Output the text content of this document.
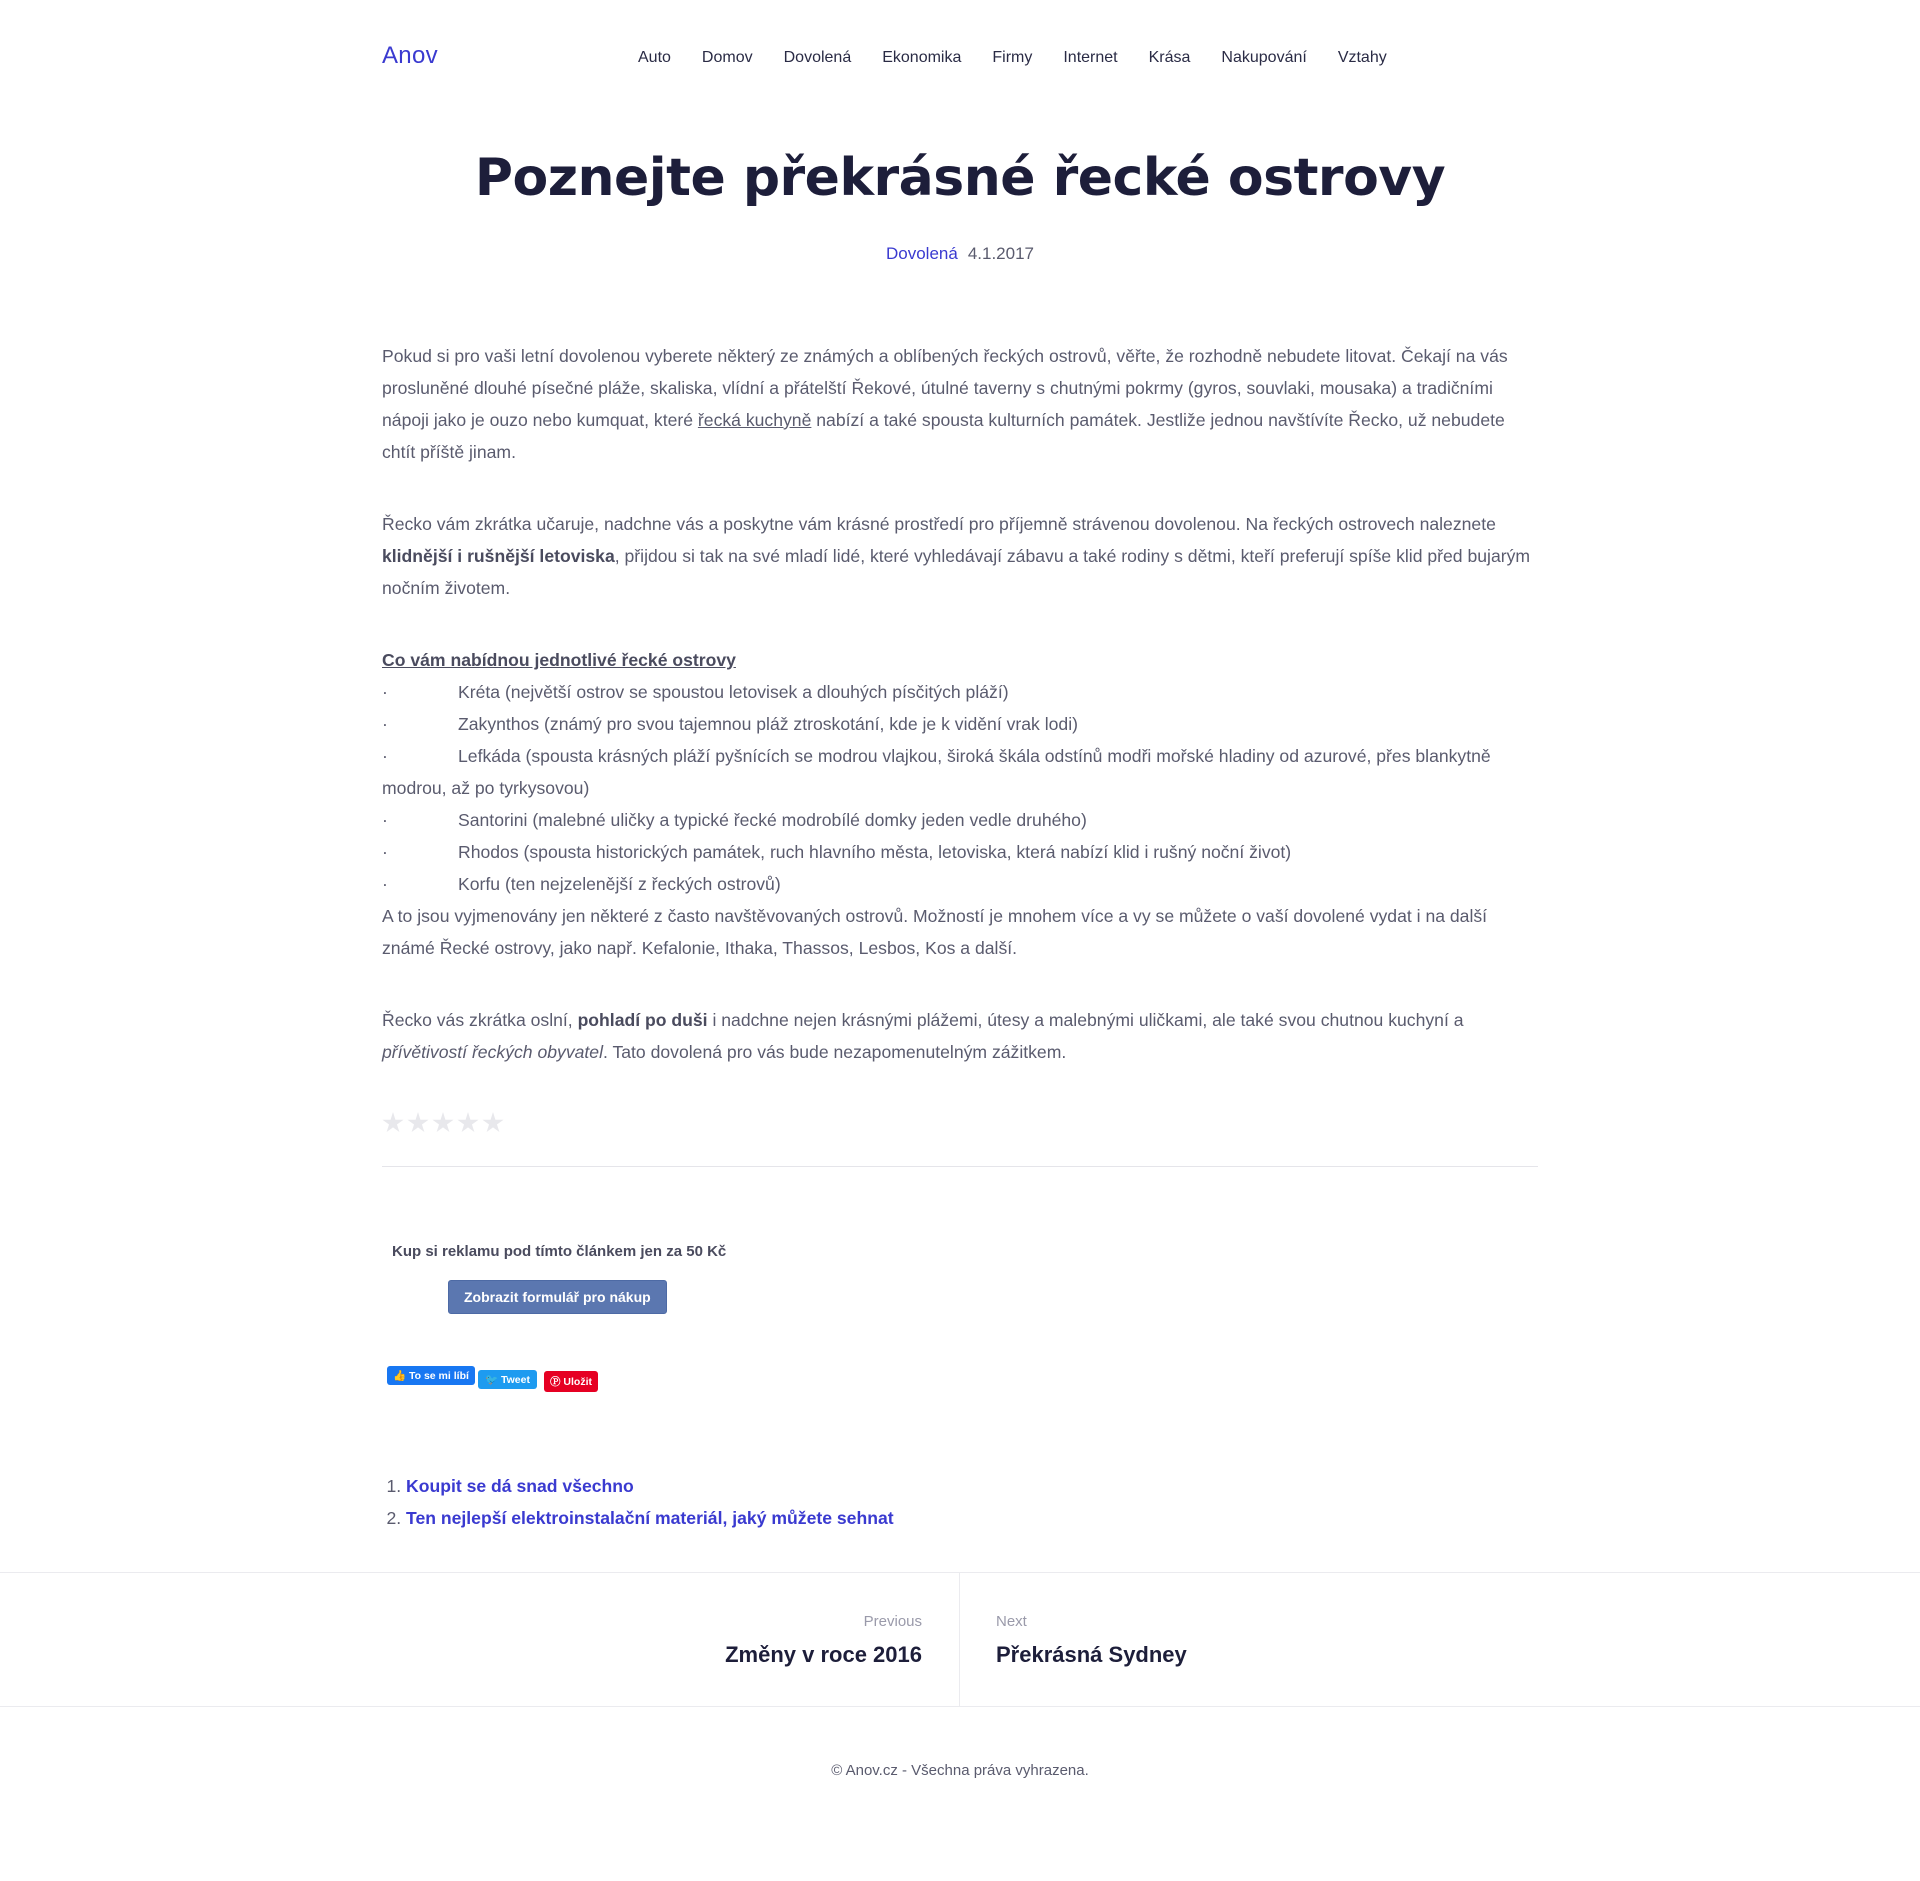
Anov	Auto Domov Dovolená Ekonomika Firmy Internet Krása Nakupování Vztahy
Poznejte překrásné řecké ostrovy
Dovolená 4.1.2017

Pokud si pro vaši letní dovolenou vyberete některý ze známých a oblíbených řeckých ostrovů, věřte, že rozhodně nebudete litovat. Čekají na vás prosluněné dlouhé písečné pláže, skaliska, vlídní a přátelští Řekové, útulné taverny s chutnými pokrmy (gyros, souvlaki, mousaka) a tradičními nápoji jako je ouzo nebo kumquat, které řecká kuchyně nabízí a také spousta kulturních památek. Jestliže jednou navštívíte Řecko, už nebudete chtít příště jinam.

Řecko vám zkrátka učaruje, nadchne vás a poskytne vám krásné prostředí pro příjemně strávenou dovolenou. Na řeckých ostrovech naleznete klidnější i rušnější letoviska, přijdou si tak na své mladí lidé, které vyhledávají zábavu a také rodiny s dětmi, kteří preferují spíše klid před bujarým nočním životem.

Co vám nabídnou jednotlivé řecké ostrovy

·	Kréta (největší ostrov se spoustou letovisek a dlouhých písčitých pláží)
·	Zakynthos (známý pro svou tajemnou pláž ztroskotání, kde je k vidění vrak lodi)
·	Lefkáda (spousta krásných pláží pyšnících se modrou vlajkou, široká škála odstínů modři mořské hladiny od azurové, přes blankytně modrou, až po tyrkysovou)
·	Santorini (malebné uličky a typické řecké modrobílé domky jeden vedle druhého)
·	Rhodos (spousta historických památek, ruch hlavního města, letoviska, která nabízí klid i rušný noční život)
·	Korfu (ten nejzelenější z řeckých ostrovů)
A to jsou vyjmenovány jen některé z často navštěvovaných ostrovů. Možností je mnohem více a vy se můžete o vaší dovolené vydat i na další známé Řecké ostrovy, jako např. Kefalonie, Ithaka, Thassos, Lesbos, Kos a další.

Řecko vás zkrátka oslní, pohladí po duši i nadchne nejen krásnými plážemi, útesy a malebnými uličkami, ale také svou chutnou kuchyní a přívětivostí řeckých obyvatel. Tato dovolená pro vás bude nezapomenutelným zážitkem.

Kup si reklamu pod tímto článkem jen za 50 Kč
Zobrazit formulář pro nákup
👍 To se mi líbí	🐦 Tweet	Ⓟ Uložit
1. Koupit se dá snad všechno
2. Ten nejlepší elektroinstalační materiál, jaký můžete sehnat
Previous
Změny v roce 2016
Next
Překrásná Sydney
© Anov.cz - Všechna práva vyhrazena.
